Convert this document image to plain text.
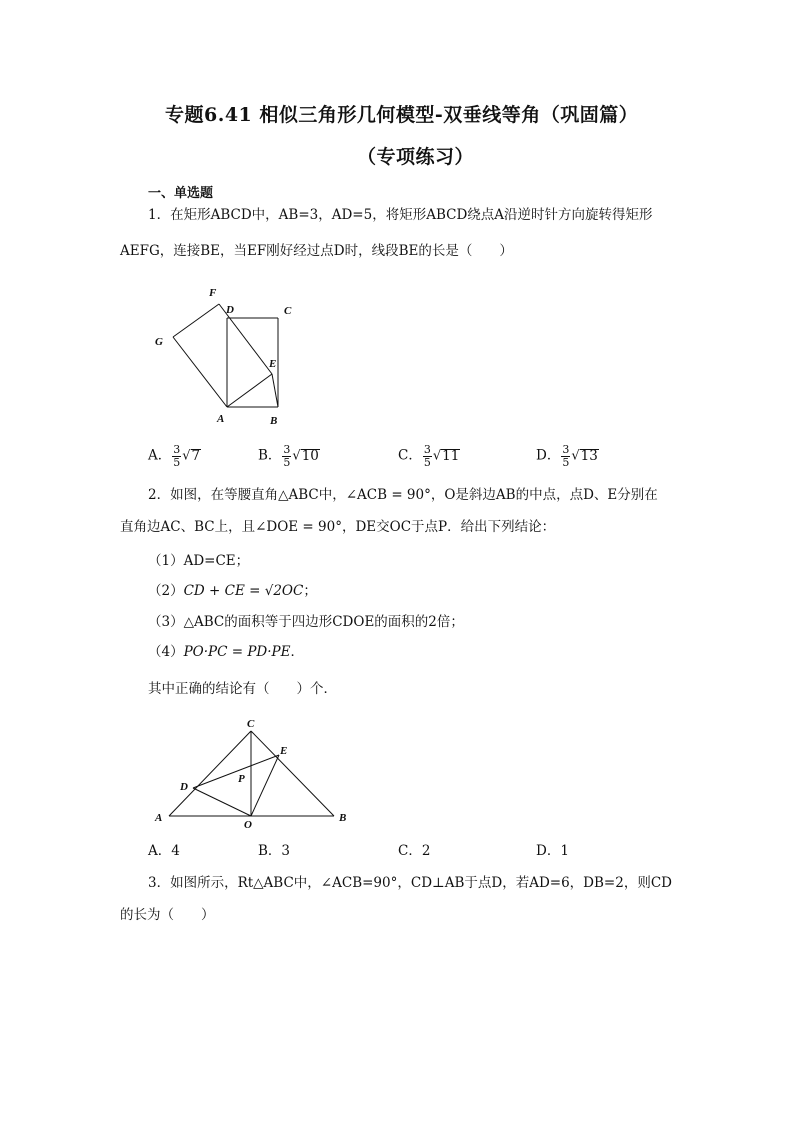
专题6.41 相似三角形几何模型-双垂线等角（巩固篇）
（专项练习）
一、单选题
1．在矩形ABCD中，AB=3，AD=5，将矩形ABCD绕点A沿逆时针方向旋转得矩形
AEFG，连接BE，当EF刚好经过点D时，线段BE的长是（　　）
F
D	C
G
E
A	B
A． $\frac{3}{5} √7$	B． $\frac{3}{5} √10$	C． $\frac{3}{5} √11$	D． $\frac{3}{5} √13$
2．如图，在等腰直角△ABC中，∠ACB = 90°，O是斜边AB的中点，点D、E分别在
直角边AC、BC上，且∠DOE = 90°，DE交OC于点P．给出下列结论：
（1）AD=CE；
（2）CD + CE = √2OC；
（3）△ABC的面积等于四边形CDOE的面积的2倍；
（4）PO·PC = PD·PE．
其中正确的结论有（　　）个．
C
E
P
D
A
O
B
A．4	B．3	C．2	D．1
3．如图所示，Rt△ABC中，∠ACB=90°，CD⊥AB于点D，若AD=6，DB=2，则CD
的长为（　　）
